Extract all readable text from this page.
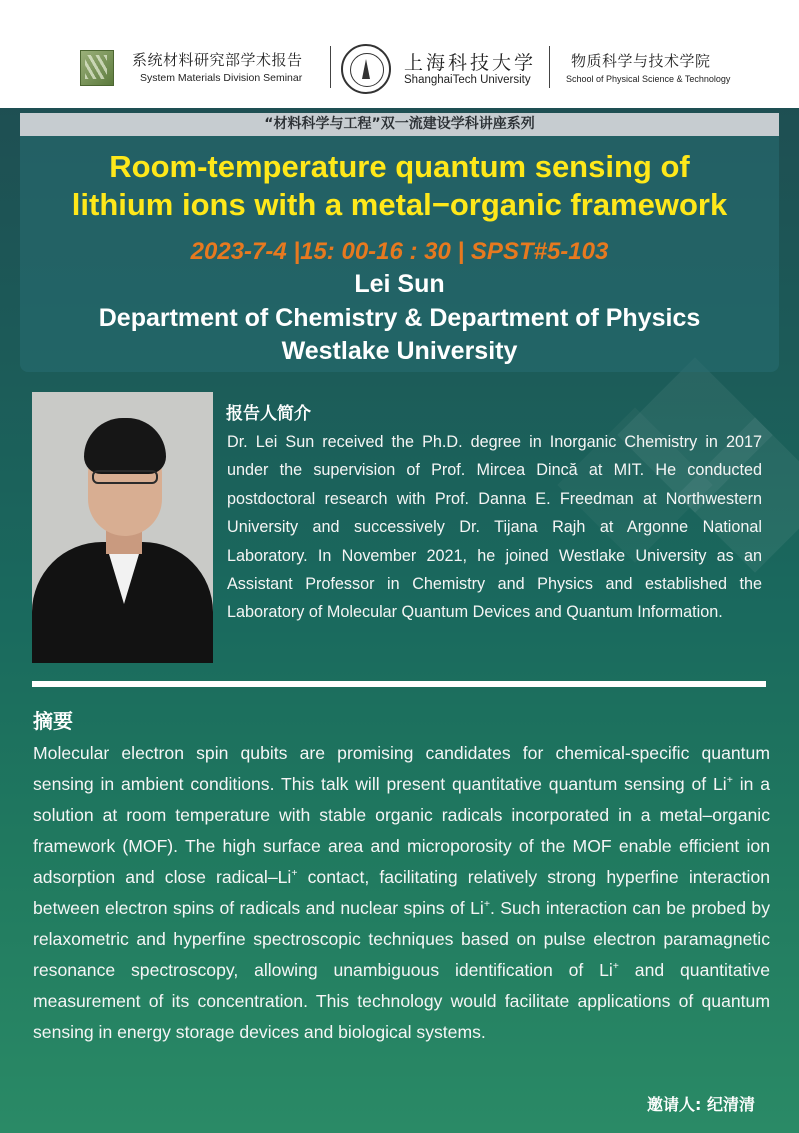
系统材料研究部学术报告
System Materials Division Seminar
上海科技大学
ShanghaiTech University
物质科学与技术学院
School of Physical Science & Technology
“材料科学与工程”双一流建设学科讲座系列
Room-temperature quantum sensing of
lithium ions with a metal−organic framework
2023-7-4 |15: 00-16 : 30 | SPST#5-103
Lei Sun
Department of Chemistry & Department of Physics
Westlake University
报告人简介
Dr. Lei Sun received the Ph.D. degree in Inorganic Chemistry in 2017 under the supervision of Prof. Mircea Dincă at MIT. He conducted postdoctoral research with Prof. Danna E. Freedman at Northwestern University and successively Dr. Tijana Rajh at Argonne National Laboratory. In November 2021, he joined Westlake University as an Assistant Professor in Chemistry and Physics and established the Laboratory of Molecular Quantum Devices and Quantum Information.
摘要
Molecular electron spin qubits are promising candidates for chemical-specific quantum sensing in ambient conditions. This talk will present quantitative quantum sensing of Li+ in a solution at room temperature with stable organic radicals incorporated in a metal–organic framework (MOF). The high surface area and microporosity of the MOF enable efficient ion adsorption and close radical–Li+ contact, facilitating relatively strong hyperfine interaction between electron spins of radicals and nuclear spins of Li+. Such interaction can be probed by relaxometric and hyperfine spectroscopic techniques based on pulse electron paramagnetic resonance spectroscopy, allowing unambiguous identification of Li+ and quantitative measurement of its concentration. This technology would facilitate applications of quantum sensing in energy storage devices and biological systems.
邀请人: 纪清清
